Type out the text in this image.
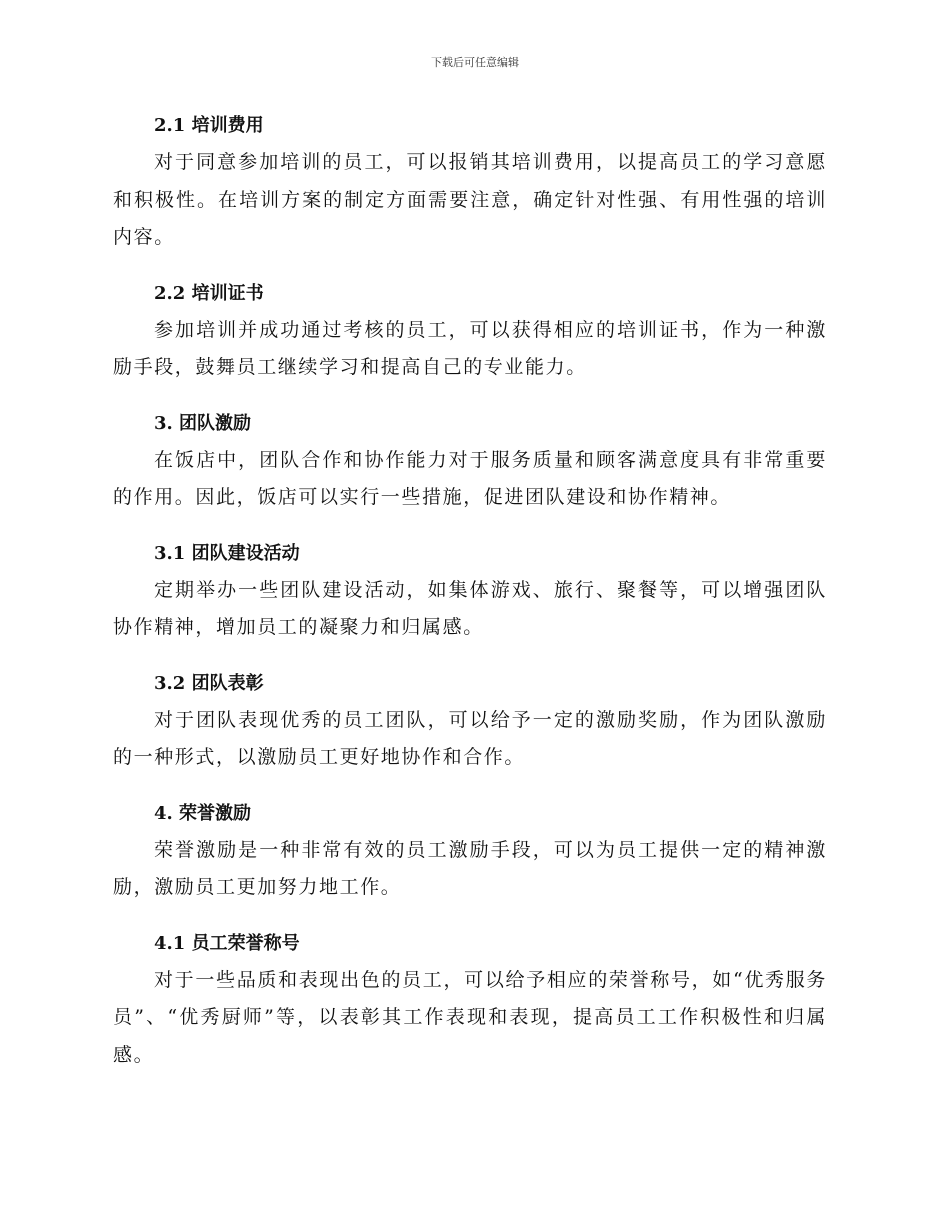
下载后可任意编辑
2.1 培训费用

对于同意参加培训的员工，可以报销其培训费用，以提高员工的学习意愿和积极性。在培训方案的制定方面需要注意，确定针对性强、有用性强的培训内容。

2.2 培训证书

参加培训并成功通过考核的员工，可以获得相应的培训证书，作为一种激励手段，鼓舞员工继续学习和提高自己的专业能力。

3. 团队激励

在饭店中，团队合作和协作能力对于服务质量和顾客满意度具有非常重要的作用。因此，饭店可以实行一些措施，促进团队建设和协作精神。

3.1 团队建设活动

定期举办一些团队建设活动，如集体游戏、旅行、聚餐等，可以增强团队协作精神，增加员工的凝聚力和归属感。

3.2 团队表彰

对于团队表现优秀的员工团队，可以给予一定的激励奖励，作为团队激励的一种形式，以激励员工更好地协作和合作。

4. 荣誉激励

荣誉激励是一种非常有效的员工激励手段，可以为员工提供一定的精神激励，激励员工更加努力地工作。

4.1 员工荣誉称号

对于一些品质和表现出色的员工，可以给予相应的荣誉称号，如“优秀服务员”、“优秀厨师”等，以表彰其工作表现和表现，提高员工工作积极性和归属感。
